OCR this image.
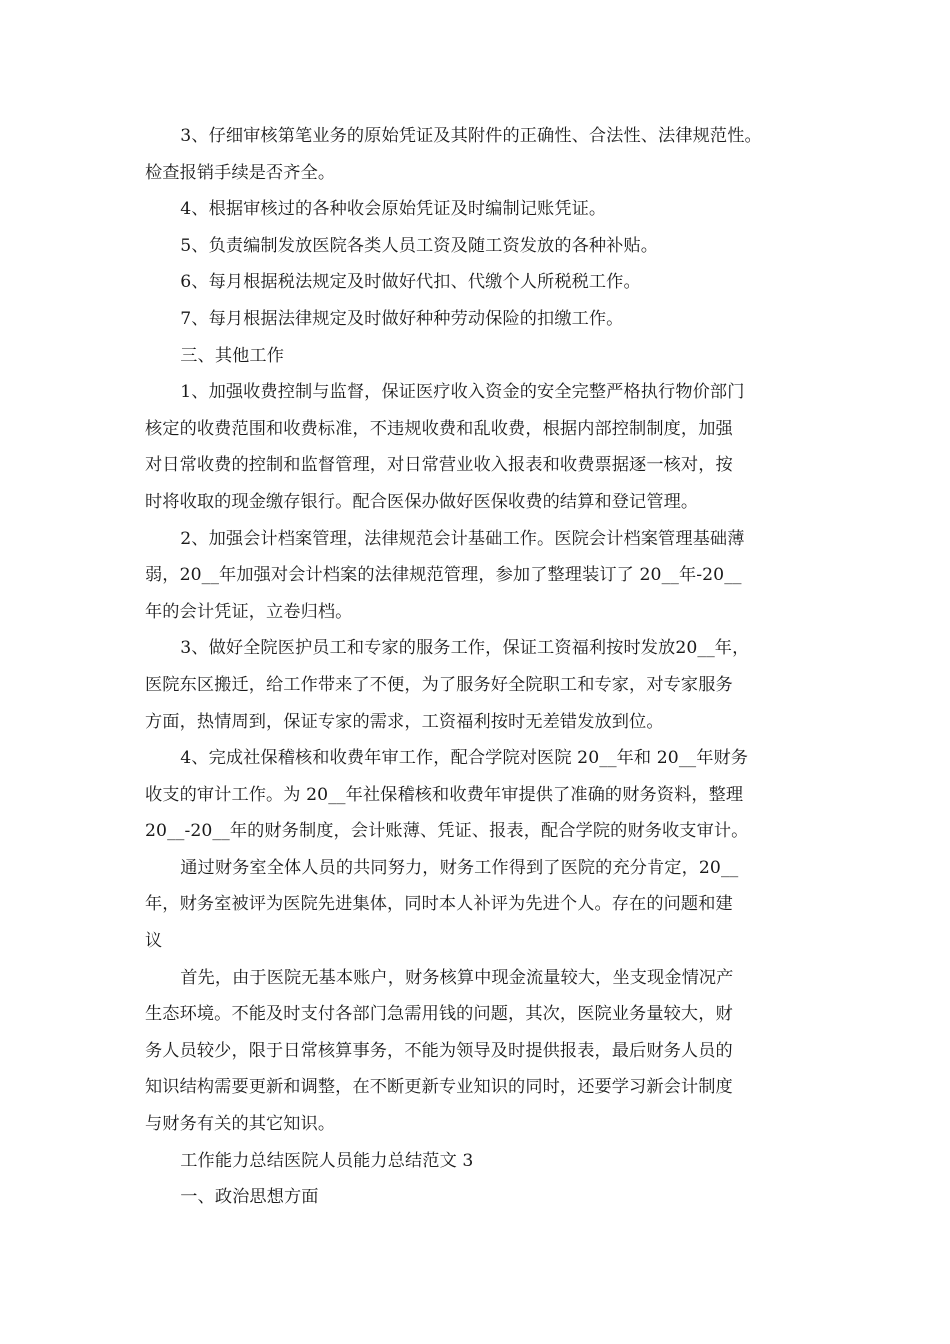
3、仔细审核第笔业务的原始凭证及其附件的正确性、合法性、法律规范性。
检查报销手续是否齐全。

4、根据审核过的各种收会原始凭证及时编制记账凭证。

5、负责编制发放医院各类人员工资及随工资发放的各种补贴。

6、每月根据税法规定及时做好代扣、代缴个人所税税工作。

7、每月根据法律规定及时做好种种劳动保险的扣缴工作。

三、其他工作

1、加强收费控制与监督，保证医疗收入资金的安全完整严格执行物价部门
核定的收费范围和收费标准，不违规收费和乱收费，根据内部控制制度，加强
对日常收费的控制和监督管理，对日常营业收入报表和收费票据逐一核对，按
时将收取的现金缴存银行。配合医保办做好医保收费的结算和登记管理。

2、加强会计档案管理，法律规范会计基础工作。医院会计档案管理基础薄
弱，20__年加强对会计档案的法律规范管理，参加了整理装订了 20__年-20__
年的会计凭证，立卷归档。

3、做好全院医护员工和专家的服务工作，保证工资福利按时发放20__年，
医院东区搬迁，给工作带来了不便，为了服务好全院职工和专家，对专家服务
方面，热情周到，保证专家的需求，工资福利按时无差错发放到位。

4、完成社保稽核和收费年审工作，配合学院对医院 20__年和 20__年财务
收支的审计工作。为 20__年社保稽核和收费年审提供了准确的财务资料，整理
20__-20__年的财务制度，会计账薄、凭证、报表，配合学院的财务收支审计。

通过财务室全体人员的共同努力，财务工作得到了医院的充分肯定，20__
年，财务室被评为医院先进集体，同时本人补评为先进个人。存在的问题和建
议

首先，由于医院无基本账户，财务核算中现金流量较大，坐支现金情况产
生态环境。不能及时支付各部门急需用钱的问题，其次，医院业务量较大，财
务人员较少，限于日常核算事务，不能为领导及时提供报表，最后财务人员的
知识结构需要更新和调整，在不断更新专业知识的同时，还要学习新会计制度
与财务有关的其它知识。

工作能力总结医院人员能力总结范文 3

一、政治思想方面
